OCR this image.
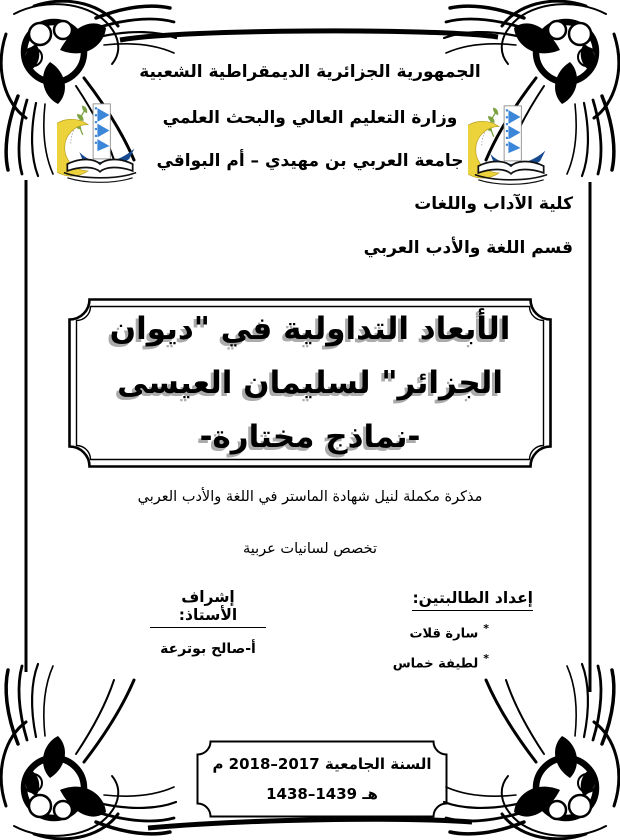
الجمهورية الجزائرية الديمقراطية الشعبية
وزارة التعليم العالي والبحث العلمي
جامعة العربي بن مهيدي – أم البواقي
كلية الآداب واللغات
قسم اللغة والأدب العربي
الأبعاد التداولية في "ديوان
الجزائر" لسليمان العيسى
-نماذج مختارة-
مذكرة مكملة لنيل شهادة الماستر في اللغة والأدب العربي
تخصص لسانيات عربية
إعداد الطالبتين:
*سارة قلات
*لطيفة خماس
إشراف الأستاذ:
أ-صالح بوترعة
السنة الجامعية 2017–2018 م
1438–1439 هـ
